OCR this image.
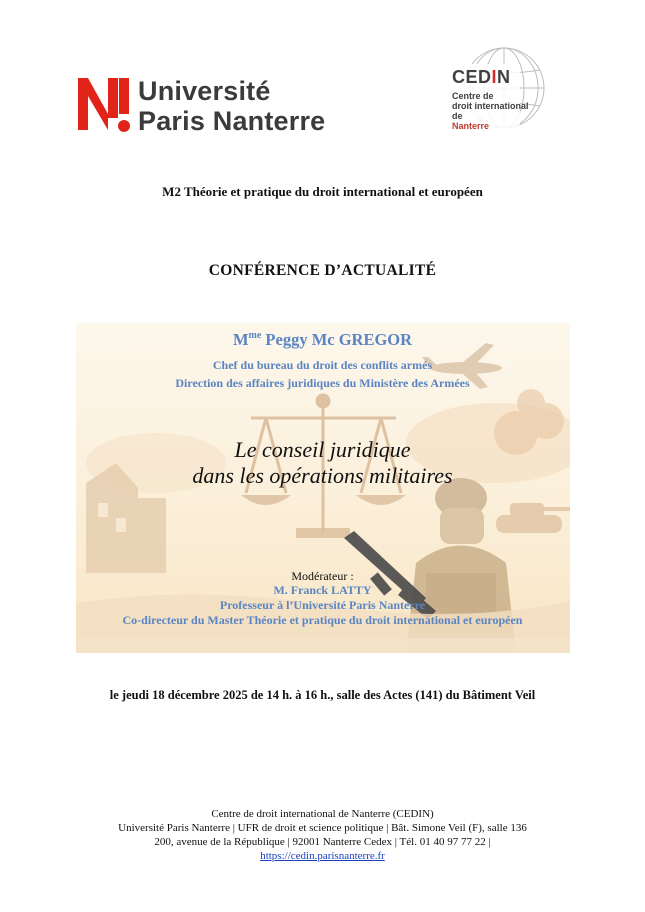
Université
Paris Nanterre
CEDIN
Centre de
droit international
de
Nanterre
M2 Théorie et pratique du droit international et européen
CONFÉRENCE D’ACTUALITÉ
$M^{me}$ Peggy Mc GREGOR
Chef du bureau du droit des conflits armés
Direction des affaires juridiques du Ministère des Armées
Le conseil juridique
dans les opérations militaires
Modérateur :
M. Franck LATTY
Professeur à l’Université Paris Nanterre
Co-directeur du Master Théorie et pratique du droit international et européen
le jeudi 18 décembre 2025 de 14 h. à 16 h., salle des Actes (141) du Bâtiment Veil
Centre de droit international de Nanterre (CEDIN)
Université Paris Nanterre | UFR de droit et science politique | Bât. Simone Veil (F), salle 136
200, avenue de la République | 92001 Nanterre Cedex | Tél. 01 40 97 77 22 |
https://cedin.parisnanterre.fr
